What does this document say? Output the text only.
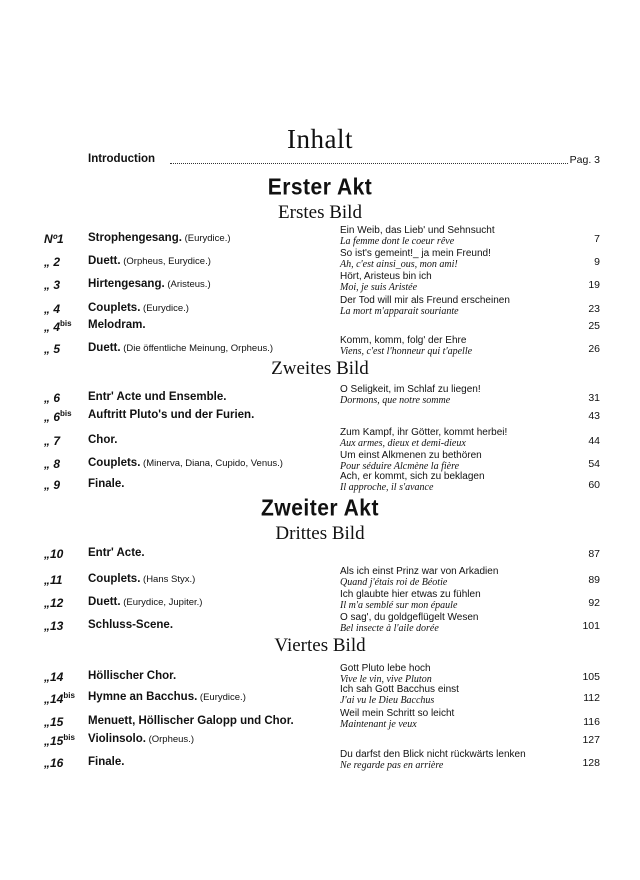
Inhalt
Introduction	Pag. 3
Erster Akt
Erstes Bild
Zweites Bild
Zweiter Akt
Drittes Bild
Viertes Bild
Nº1	Strophengesang. (Eurydice.)
Ein Weib, das Lieb' und Sehnsucht
La femme dont le coeur rêve	7
„ 2	Duett. (Orpheus, Eurydice.)
So ist's gemeint!_ ja mein Freund!
Ah, c'est ainsi_ous, mon ami!	9
„ 3	Hirtengesang. (Aristeus.)
Hört, Aristeus bin ich
Moi, je suis Aristée	19
„ 4	Couplets. (Eurydice.)
Der Tod will mir als Freund erscheinen
La mort m'apparait souriante	23
„ $4^{bis}$	Melodram.	25
„ 5	Duett. (Die öffentliche Meinung, Orpheus.)
Komm, komm, folg' der Ehre
Viens, c'est l'honneur qui t'apelle	26
„ 6	Entr' Acte und Ensemble.
O Seligkeit, im Schlaf zu liegen!
Dormons, que notre somme	31
„ $6^{bis}$	Auftritt Pluto's und der Furien.	43
„ 7	Chor.
Zum Kampf, ihr Götter, kommt herbei!
Aux armes, dieux et demi-dieux	44
„ 8	Couplets. (Minerva, Diana, Cupido, Venus.)
Um einst Alkmenen zu bethören
Pour séduire Alcmène la fière	54
„ 9	Finale.
Ach, er kommt, sich zu beklagen
Il approche, il s'avance	60
„10	Entr' Acte.	87
„11	Couplets. (Hans Styx.)
Als ich einst Prinz war von Arkadien
Quand j'étais roi de Béotie	89
„12	Duett. (Eurydice, Jupiter.)
Ich glaubte hier etwas zu fühlen
Il m'a semblé sur mon épaule	92
„13	Schluss-Scene.
O sag', du goldgeflügelt Wesen
Bel insecte à l'aile dorée	101
„14	Höllischer Chor.
Gott Pluto lebe hoch
Vive le vin, vive Pluton	105
$„14^{bis}$	Hymne an Bacchus. (Eurydice.)
Ich sah Gott Bacchus einst
J'ai vu le Dieu Bacchus	112
„15	Menuett, Höllischer Galopp und Chor.
Weil mein Schritt so leicht
Maintenant je veux	116
$„15^{bis}$	Violinsolo. (Orpheus.)	127
„16	Finale.
Du darfst den Blick nicht rückwärts lenken
Ne regarde pas en arrière	128
